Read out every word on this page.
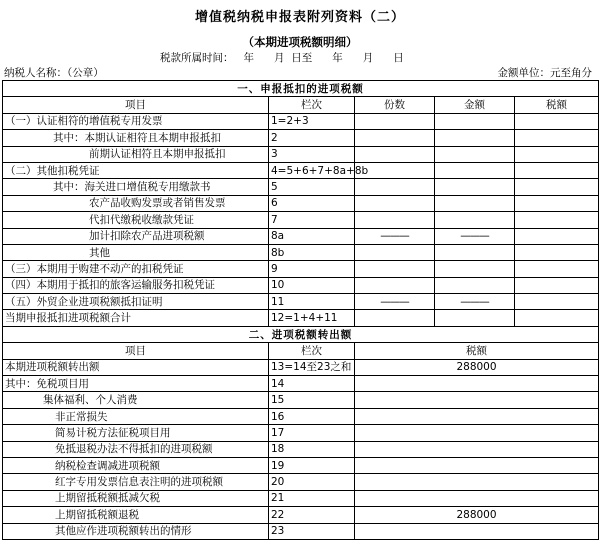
增值税纳税申报表附列资料（二）
（本期进项税额明细）
税款所属时间：   年      月  日至      年      月      日
纳税人名称：（公章）	金额单位：元至角分
一、申报抵扣的进项税额				
项目	栏次	份数	金额	税额
（一）认证相符的增值税专用发票	1=2+3			
其中：本期认证相符且本期申报抵扣	2			
前期认证相符且本期申报抵扣	3			
（二）其他扣税凭证	4=5+6+7+8a+8b			
其中：海关进口增值税专用缴款书	5			
农产品收购发票或者销售发票	6			
代扣代缴税收缴款凭证	7			
加计扣除农产品进项税额	8a	———	———	
其他	8b			
（三）本期用于购建不动产的扣税凭证	9			
（四）本期用于抵扣的旅客运输服务扣税凭证	10			
（五）外贸企业进项税额抵扣证明	11	———	———	
当期申报抵扣进项税额合计	12=1+4+11			
二、进项税额转出额				
项目	栏次	税额		
本期进项税额转出额	13=14至23之和	288000		
其中：免税项目用	14			
集体福利、个人消费	15			
非正常损失	16			
简易计税方法征税项目用	17			
免抵退税办法不得抵扣的进项税额	18			
纳税检查调减进项税额	19			
红字专用发票信息表注明的进项税额	20			
上期留抵税额抵减欠税	21			
上期留抵税额退税	22	288000		
其他应作进项税额转出的情形	23			
